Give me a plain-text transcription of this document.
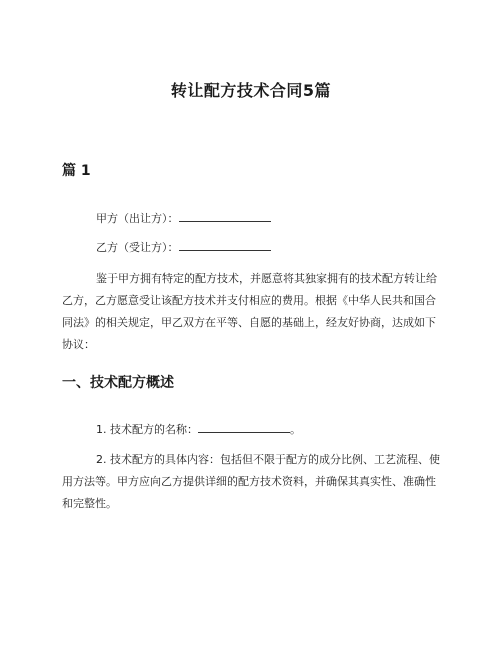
转让配方技术合同5篇
篇 1
甲方（出让方）：
乙方（受让方）：
鉴于甲方拥有特定的配方技术，并愿意将其独家拥有的技术配方转让给乙方，乙方愿意受让该配方技术并支付相应的费用。根据《中华人民共和国合同法》的相关规定，甲乙双方在平等、自愿的基础上，经友好协商，达成如下协议：
一、技术配方概述
1. 技术配方的名称：	。
2. 技术配方的具体内容：包括但不限于配方的成分比例、工艺流程、使用方法等。甲方应向乙方提供详细的配方技术资料，并确保其真实性、准确性和完整性。
